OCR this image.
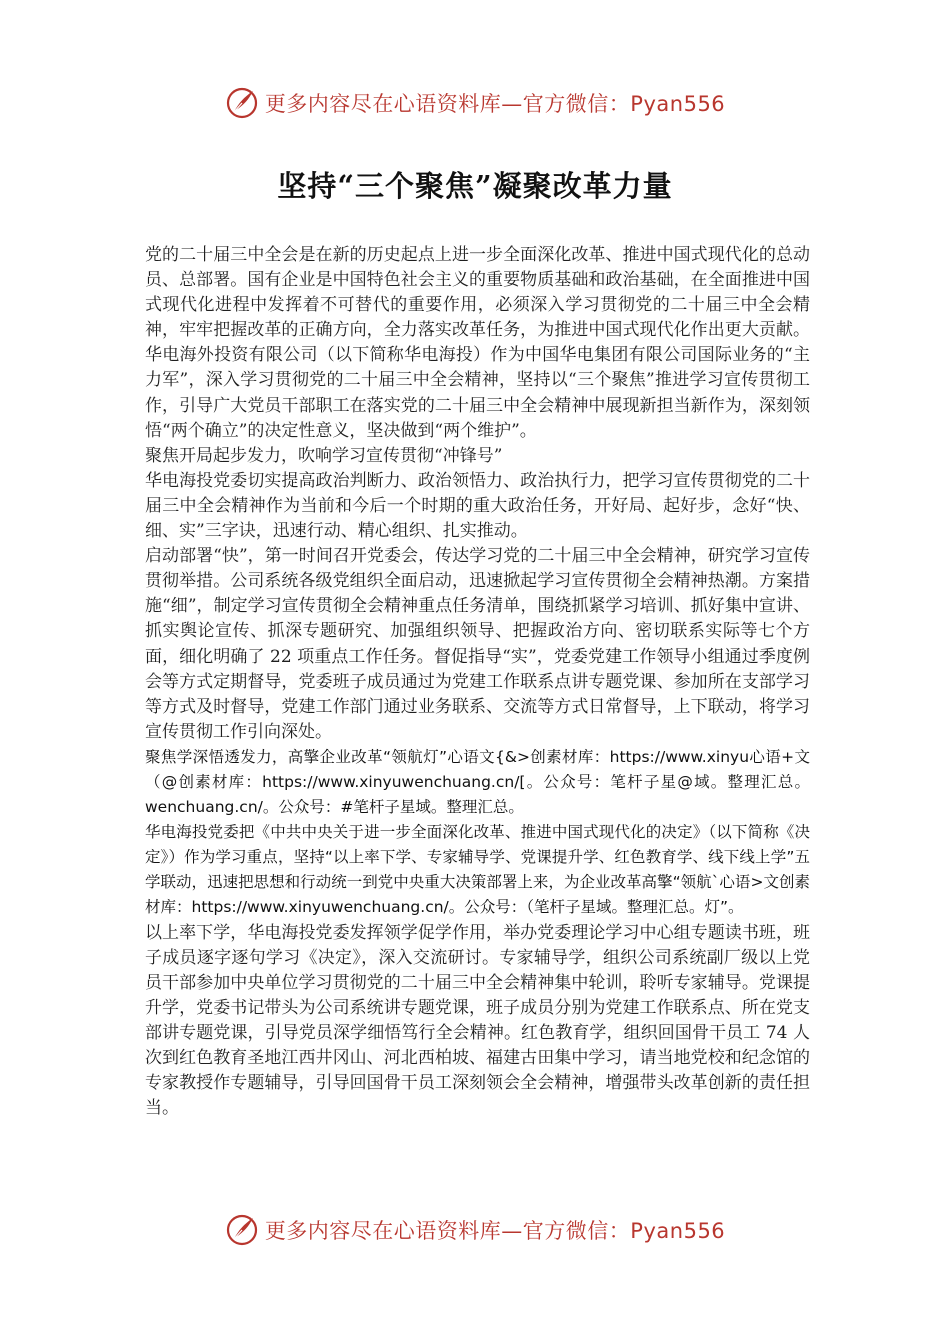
更多内容尽在心语资料库—官方微信：Pyan556
坚持“三个聚焦”凝聚改革力量

党的二十届三中全会是在新的历史起点上进一步全面深化改革、推进中国式现代化的总动员、总部署。国有企业是中国特色社会主义的重要物质基础和政治基础，在全面推进中国式现代化进程中发挥着不可替代的重要作用，必须深入学习贯彻党的二十届三中全会精神，牢牢把握改革的正确方向，全力落实改革任务，为推进中国式现代化作出更大贡献。华电海外投资有限公司（以下简称华电海投）作为中国华电集团有限公司国际业务的“主力军”，深入学习贯彻党的二十届三中全会精神，坚持以“三个聚焦”推进学习宣传贯彻工作，引导广大党员干部职工在落实党的二十届三中全会精神中展现新担当新作为，深刻领悟“两个确立”的决定性意义，坚决做到“两个维护”。

聚焦开局起步发力，吹响学习宣传贯彻“冲锋号”

华电海投党委切实提高政治判断力、政治领悟力、政治执行力，把学习宣传贯彻党的二十届三中全会精神作为当前和今后一个时期的重大政治任务，开好局、起好步，念好“快、细、实”三字诀，迅速行动、精心组织、扎实推动。

启动部署“快”，第一时间召开党委会，传达学习党的二十届三中全会精神，研究学习宣传贯彻举措。公司系统各级党组织全面启动，迅速掀起学习宣传贯彻全会精神热潮。方案措施“细”，制定学习宣传贯彻全会精神重点任务清单，围绕抓紧学习培训、抓好集中宣讲、抓实舆论宣传、抓深专题研究、加强组织领导、把握政治方向、密切联系实际等七个方面，细化明确了 22 项重点工作任务。督促指导“实”，党委党建工作领导小组通过季度例会等方式定期督导，党委班子成员通过为党建工作联系点讲专题党课、参加所在支部学习等方式及时督导，党建工作部门通过业务联系、交流等方式日常督导，上下联动，将学习宣传贯彻工作引向深处。

聚焦学深悟透发力，高擎企业改革“领航灯”心语文{&>创素材库：https://www.xinyu心语+文（@创素材库：https://www.xinyuwenchuang.cn/[。公众号：笔杆子星@域。整理汇总。wenchuang.cn/。公众号：#笔杆子星域。整理汇总。

华电海投党委把《中共中央关于进一步全面深化改革、推进中国式现代化的决定》（以下简称《决定》）作为学习重点，坚持“以上率下学、专家辅导学、党课提升学、红色教育学、线下线上学”五学联动，迅速把思想和行动统一到党中央重大决策部署上来，为企业改革高擎“领航`心语>文创素材库：https://www.xinyuwenchuang.cn/。公众号：（笔杆子星域。整理汇总。灯”。

以上率下学，华电海投党委发挥领学促学作用，举办党委理论学习中心组专题读书班，班子成员逐字逐句学习《决定》，深入交流研讨。专家辅导学，组织公司系统副厂级以上党员干部参加中央单位学习贯彻党的二十届三中全会精神集中轮训，聆听专家辅导。党课提升学，党委书记带头为公司系统讲专题党课，班子成员分别为党建工作联系点、所在党支部讲专题党课，引导党员深学细悟笃行全会精神。红色教育学，组织回国骨干员工 74 人次到红色教育圣地江西井冈山、河北西柏坡、福建古田集中学习，请当地党校和纪念馆的专家教授作专题辅导，引导回国骨干员工深刻领会全会精神，增强带头改革创新的责任担当。

更多内容尽在心语资料库—官方微信：Pyan556
